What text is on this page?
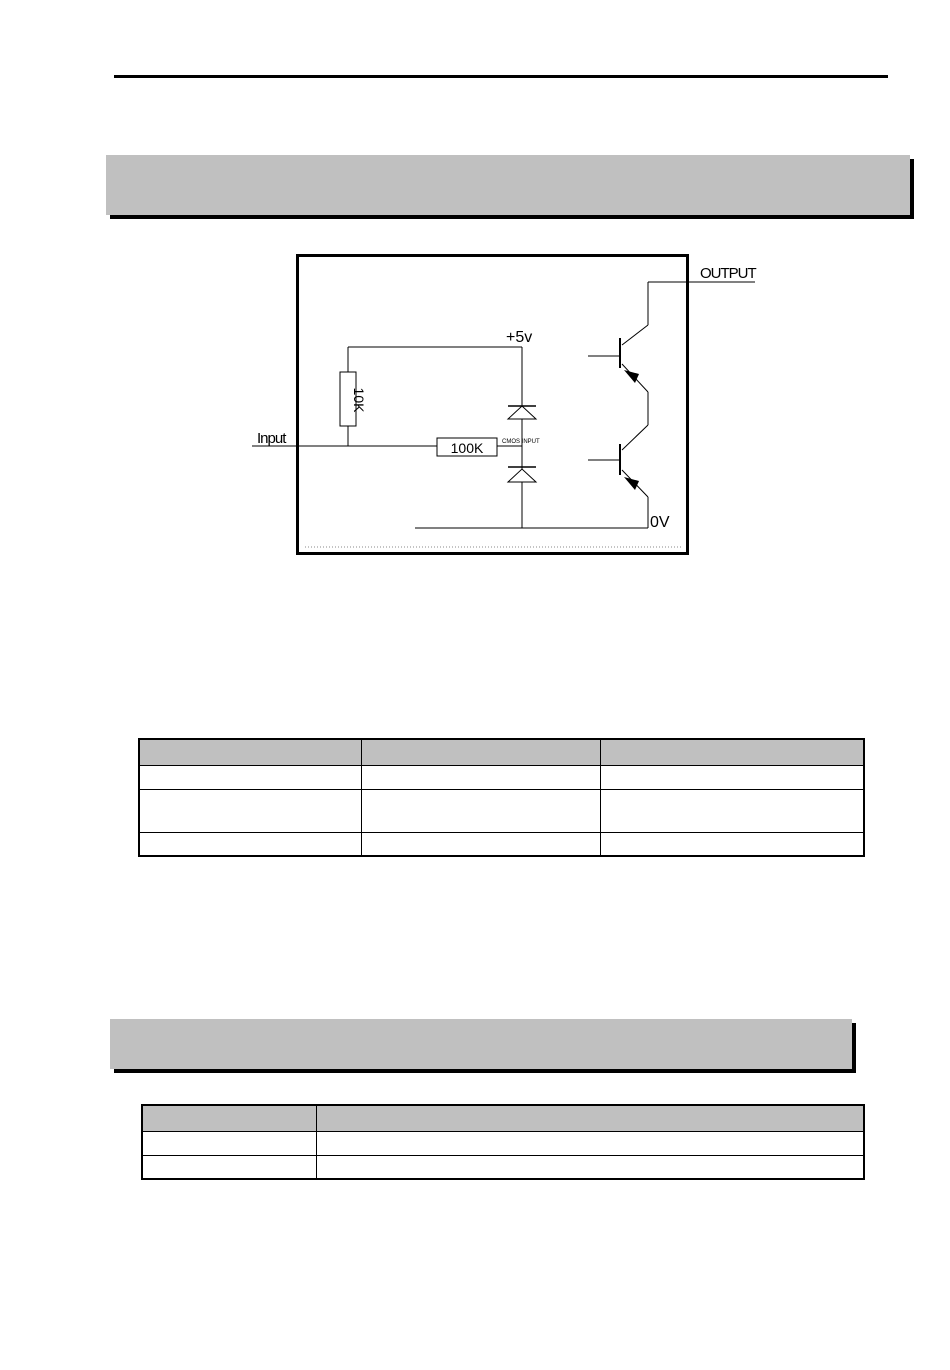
Input
10K
+5v
100K	CMOS INPUT
0V
OUTPUT
